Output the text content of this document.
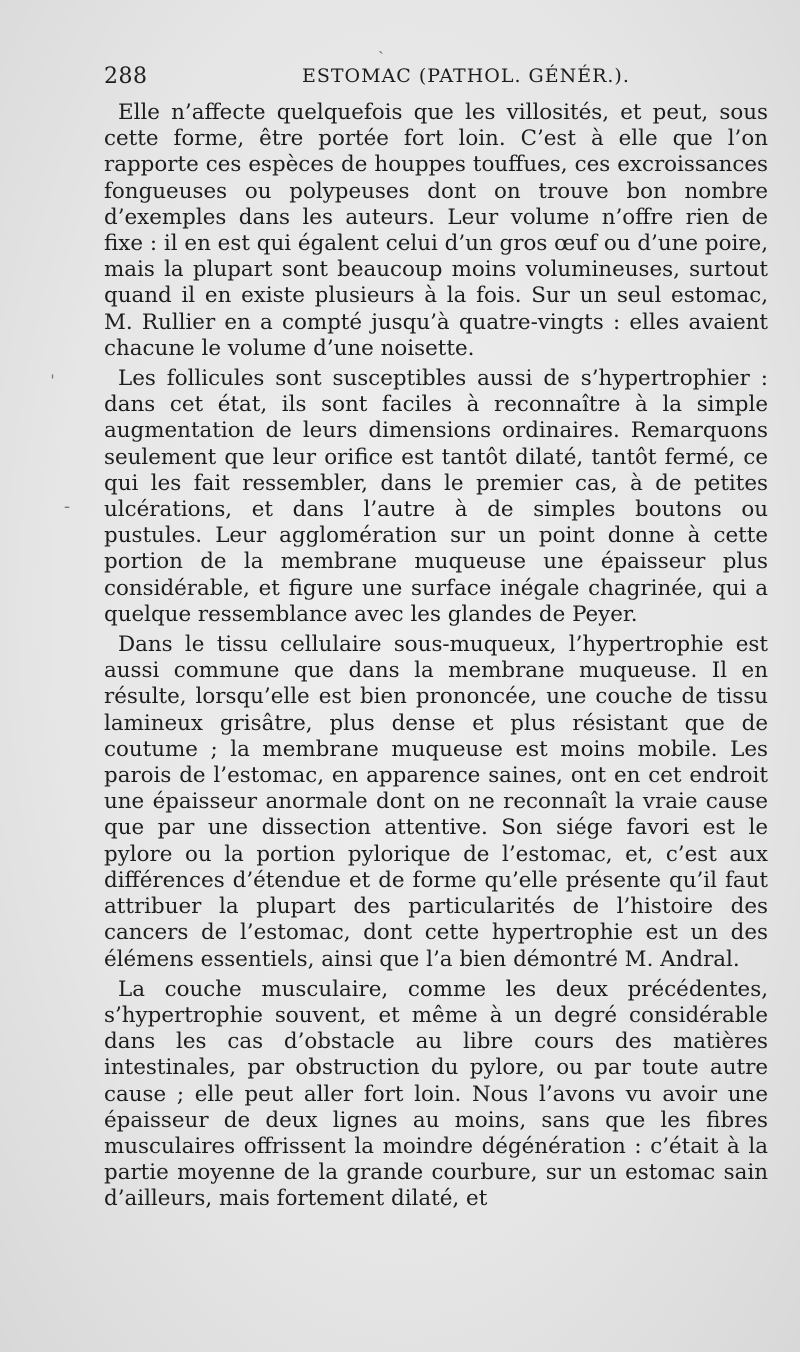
288	ESTOMAC (PATHOL. GÉNÉR.).

Elle n’affecte quelquefois que les villosités, et peut, sous cette forme, être portée fort loin. C’est à elle que l’on rapporte ces espèces de houppes touffues, ces excroissances fongueuses ou polypeuses dont on trouve bon nombre d’exemples dans les auteurs. Leur volume n’offre rien de fixe : il en est qui égalent celui d’un gros œuf ou d’une poire, mais la plupart sont beaucoup moins volumineuses, surtout quand il en existe plusieurs à la fois. Sur un seul estomac, M. Rullier en a compté jusqu’à quatre-vingts : elles avaient chacune le volume d’une noisette.

Les follicules sont susceptibles aussi de s’hypertrophier : dans cet état, ils sont faciles à reconnaître à la simple augmentation de leurs dimensions ordinaires. Remarquons seulement que leur orifice est tantôt dilaté, tantôt fermé, ce qui les fait ressembler, dans le premier cas, à de petites ulcérations, et dans l’autre à de simples boutons ou pustules. Leur agglomération sur un point donne à cette portion de la membrane muqueuse une épaisseur plus considérable, et figure une surface inégale chagrinée, qui a quelque ressemblance avec les glandes de Peyer.

Dans le tissu cellulaire sous-muqueux, l’hypertrophie est aussi commune que dans la membrane muqueuse. Il en résulte, lorsqu’elle est bien prononcée, une couche de tissu lamineux grisâtre, plus dense et plus résistant que de coutume ; la membrane muqueuse est moins mobile. Les parois de l’estomac, en apparence saines, ont en cet endroit une épaisseur anormale dont on ne reconnaît la vraie cause que par une dissection attentive. Son siége favori est le pylore ou la portion pylorique de l’estomac, et, c’est aux différences d’étendue et de forme qu’elle présente qu’il faut attribuer la plupart des particularités de l’histoire des cancers de l’estomac, dont cette hypertrophie est un des élémens essentiels, ainsi que l’a bien démontré M. Andral.

La couche musculaire, comme les deux précédentes, s’hypertrophie souvent, et même à un degré considérable dans les cas d’obstacle au libre cours des matières intestinales, par obstruction du pylore, ou par toute autre cause ; elle peut aller fort loin. Nous l’avons vu avoir une épaisseur de deux lignes au moins, sans que les fibres musculaires offrissent la moindre dégénération : c’était à la partie moyenne de la grande courbure, sur un estomac sain d’ailleurs, mais fortement dilaté, et

ˎ
ˈ
-
